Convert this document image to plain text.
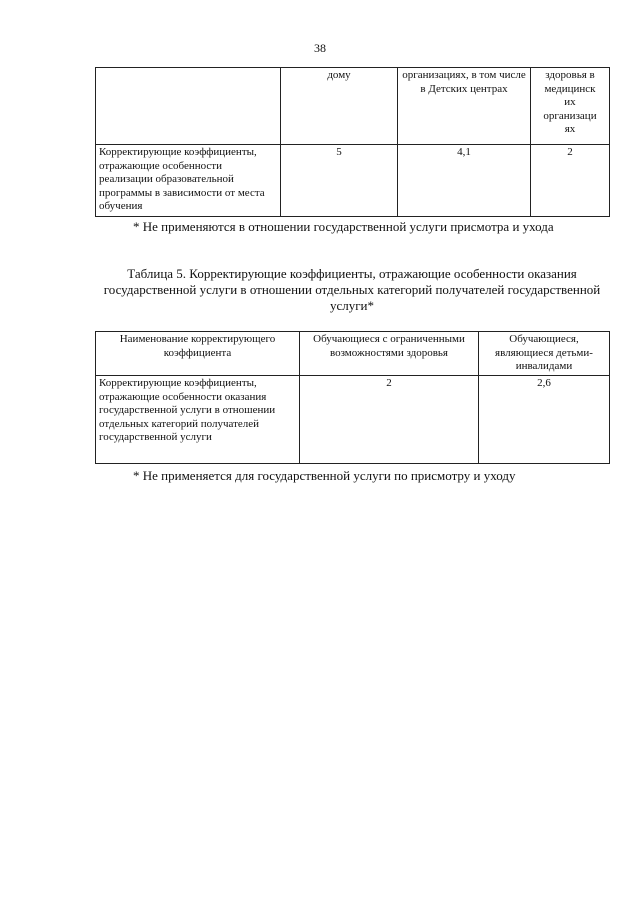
38
	дому	организациях, в том числе в Детских центрах	здоровья в
медицинск
их
организаци
ях

Корректирующие коэффициенты, отражающие особенности реализации образовательной программы в зависимости от места обучения	5	4,1	2
* Не применяются в отношении государственной услуги присмотра и ухода
Таблица 5. Корректирующие коэффициенты, отражающие особенности оказания государственной услуги в отношении отдельных категорий получателей государственной услуги*
Наименование корректирующего коэффициента	Обучающиеся с ограниченными возможностями здоровья	Обучающиеся, являющиеся детьми-инвалидами
Корректирующие коэффициенты, отражающие особенности оказания государственной услуги в отношении отдельных категорий получателей государственной услуги	2	2,6
* Не применяется для государственной услуги по присмотру и уходу
